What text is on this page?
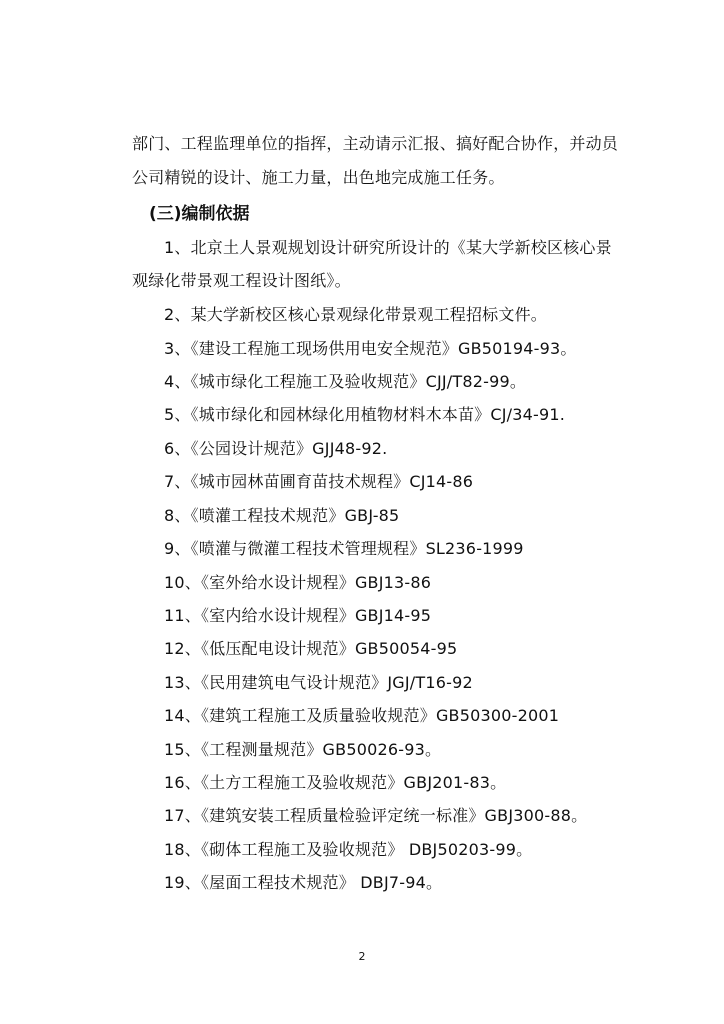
部门、工程监理单位的指挥，主动请示汇报、搞好配合协作，并动员
公司精锐的设计、施工力量，出色地完成施工任务。
(三)编制依据
1、北京土人景观规划设计研究所设计的《某大学新校区核心景
观绿化带景观工程设计图纸》。
2、某大学新校区核心景观绿化带景观工程招标文件。
3、《建设工程施工现场供用电安全规范》GB50194-93。
4、《城市绿化工程施工及验收规范》CJJ/T82-99。
5、《城市绿化和园林绿化用植物材料木本苗》CJ/34-91.
6、《公园设计规范》GJJ48-92.
7、《城市园林苗圃育苗技术规程》CJ14-86
8、《喷灌工程技术规范》GBJ-85
9、《喷灌与微灌工程技术管理规程》SL236-1999
10、《室外给水设计规程》GBJ13-86
11、《室内给水设计规程》GBJ14-95
12、《低压配电设计规范》GB50054-95
13、《民用建筑电气设计规范》JGJ/T16-92
14、《建筑工程施工及质量验收规范》GB50300-2001
15、《工程测量规范》GB50026-93。
16、《土方工程施工及验收规范》GBJ201-83。
17、《建筑安装工程质量检验评定统一标准》GBJ300-88。
18、《砌体工程施工及验收规范》 DBJ50203-99。
19、《屋面工程技术规范》 DBJ7-94。
2
